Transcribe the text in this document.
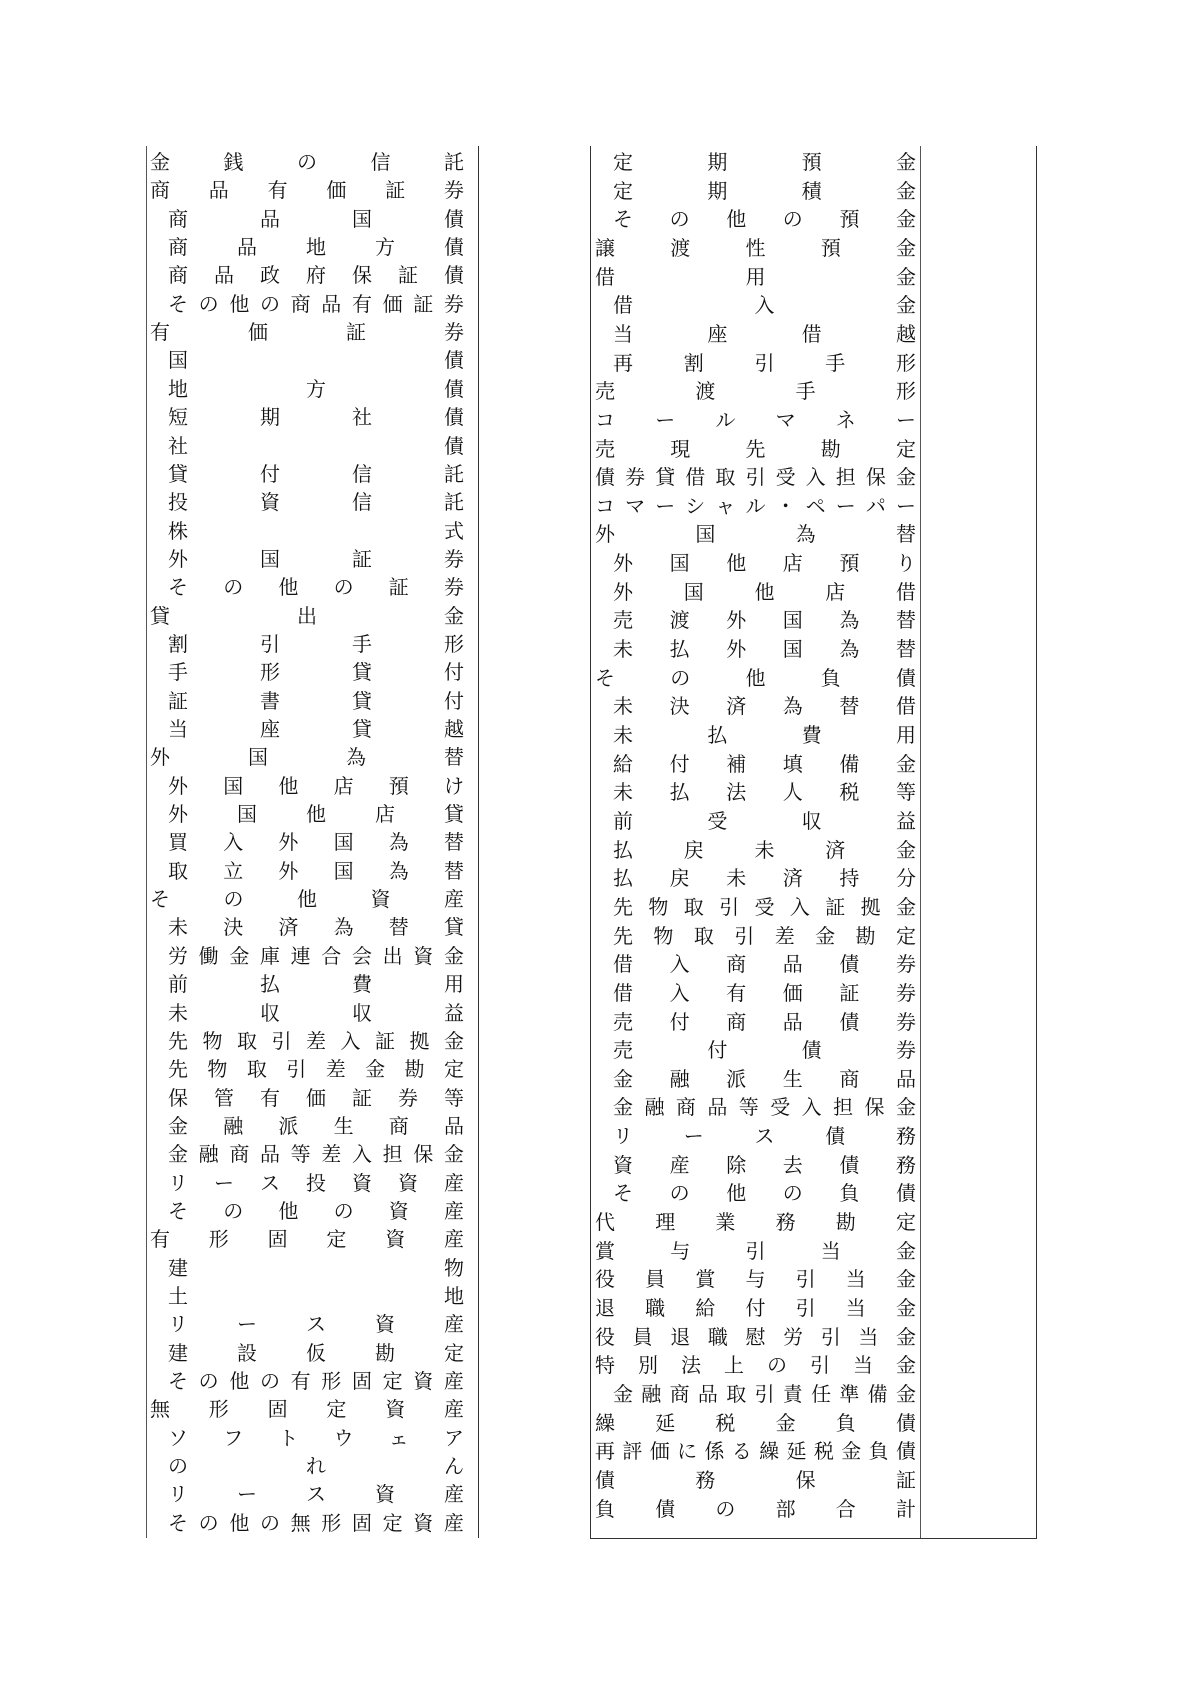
金	銭	の	信	託
商 品 有 価 証 券
商	品	国	債
商 品 地 方 債
商 品 政 府 保 証 債
そ の 他 の 商 品 有 価 証 券
有	価	証	券
国	債
地	方	債
短	期	社	債
社	債
貸	付	信	託
投	資	信	託
株	式
外	国	証	券
そ の 他 の 証 券
貸	出	金
割	引	手	形
手	形	貸	付
証	書	貸	付
当	座	貸	越
外	国	為	替
外 国 他 店 預 け
外 国 他 店 貸
買 入 外 国 為 替
取 立 外 国 為 替
そ	の	他	資	産
未 決 済 為 替 貸
労 働 金 庫 連 合 会 出 資 金
前	払	費	用
未	収	収	益
先 物 取 引 差 入 証 拠 金
先 物 取 引 差 金 勘 定
保 管 有 価 証 券 等
金 融 派 生 商 品
金 融 商 品 等 差 入 担 保 金
リ ー ス 投 資 資 産
そ の 他 の 資 産
有 形 固 定 資 産
建	物
土	地
リ ー ス 資 産
建 設 仮 勘 定
そ の 他 の 有 形 固 定 資 産
無 形 固 定 資 産
ソ フ ト ウ ェ ア
の	れ	ん
リ ー ス 資 産
そ の 他 の 無 形 固 定 資 産
定	期	預	金
定	期	積	金
そ の 他 の 預 金
譲	渡	性	預	金
借	用	金
借	入	金
当	座	借	越
再	割	引	手	形
売	渡	手	形
コ ー ル マ ネ ー
売	現	先	勘	定
債 券 貸 借 取 引 受 入 担 保 金
コ マ ー シ ャ ル ・ ペ ー パ ー
外	国	為	替
外 国 他 店 預 り
外	国	他	店	借
売 渡 外 国 為 替
未 払 外 国 為 替
そ	の	他	負	債
未 決 済 為 替 借
未	払	費	用
給 付 補 填 備 金
未 払 法 人 税 等
前	受	収	益
払	戻	未	済	金
払 戻 未 済 持 分
先 物 取 引 受 入 証 拠 金
先 物 取 引 差 金 勘 定
借 入 商 品 債 券
借 入 有 価 証 券
売 付 商 品 債 券
売	付	債	券
金 融 派 生 商 品
金 融 商 品 等 受 入 担 保 金
リ	ー	ス	債	務
資 産 除 去 債 務
そ の 他 の 負 債
代 理 業 務 勘 定
賞	与	引	当	金
役 員 賞 与 引 当 金
退 職 給 付 引 当 金
役 員 退 職 慰 労 引 当 金
特 別 法 上 の 引 当 金
金 融 商 品 取 引 責 任 準 備 金
繰 延 税 金 負 債
再 評 価 に 係 る 繰 延 税 金 負 債
債	務	保	証
負 債 の 部 合 計
